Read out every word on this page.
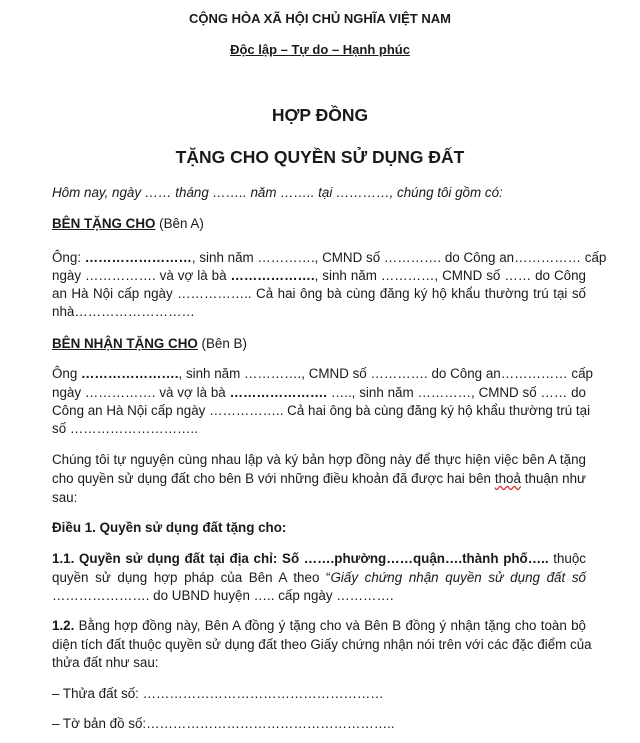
CỘNG HÒA XÃ HỘI CHỦ NGHĨA VIỆT NAM
Độc lập – Tự do – Hạnh phúc
HỢP ĐỒNG
TẶNG CHO QUYỀN SỬ DỤNG ĐẤT
Hôm nay, ngày …… tháng …….. năm …….. tại …………, chúng tôi gồm có:
BÊN TẶNG CHO (Bên A)
Ông: ……………………, sinh năm …………., CMND số …………. do Công an…………… cấp
ngày ……………. và vợ là bà ………………., sinh năm …………, CMND số …… do Công
an Hà Nội cấp ngày …………….. Cả hai ông bà cùng đăng ký hộ khẩu thường trú tại số
nhà………………………
BÊN NHẬN TẶNG CHO (Bên B)
Ông …………………., sinh năm …………., CMND số …………. do Công an…………… cấp
ngày ……………. và vợ là bà …………………. ….., sinh năm …………, CMND số …… do
Công an Hà Nội cấp ngày …………….. Cả hai ông bà cùng đăng ký hộ khẩu thường trú tại
số ………………………..
Chúng tôi tự nguyện cùng nhau lập và ký bản hợp đồng này để thực hiện việc bên A tặng
cho quyền sử dụng đất cho bên B với những điều khoản đã được hai bên thoả thuận như
sau:
Điều 1. Quyền sử dụng đất tặng cho:
1.1. Quyền sử dụng đất tại địa chỉ: Số …….phường……quận….thành phố….. thuộc
quyền sử dụng hợp pháp của Bên A theo “Giấy chứng nhận quyền sử dụng đất số
…………………. do UBND huyện ….. cấp ngày ………….
1.2. Bằng hợp đồng này, Bên A đồng ý tặng cho và Bên B đồng ý nhận tặng cho toàn bộ
diện tích đất thuộc quyền sử dụng đất theo Giấy chứng nhận nói trên với các đặc điểm của
thửa đất như sau:
– Thửa đất số: ………………………………………………
– Tờ bản đồ số:………………………………………………..
